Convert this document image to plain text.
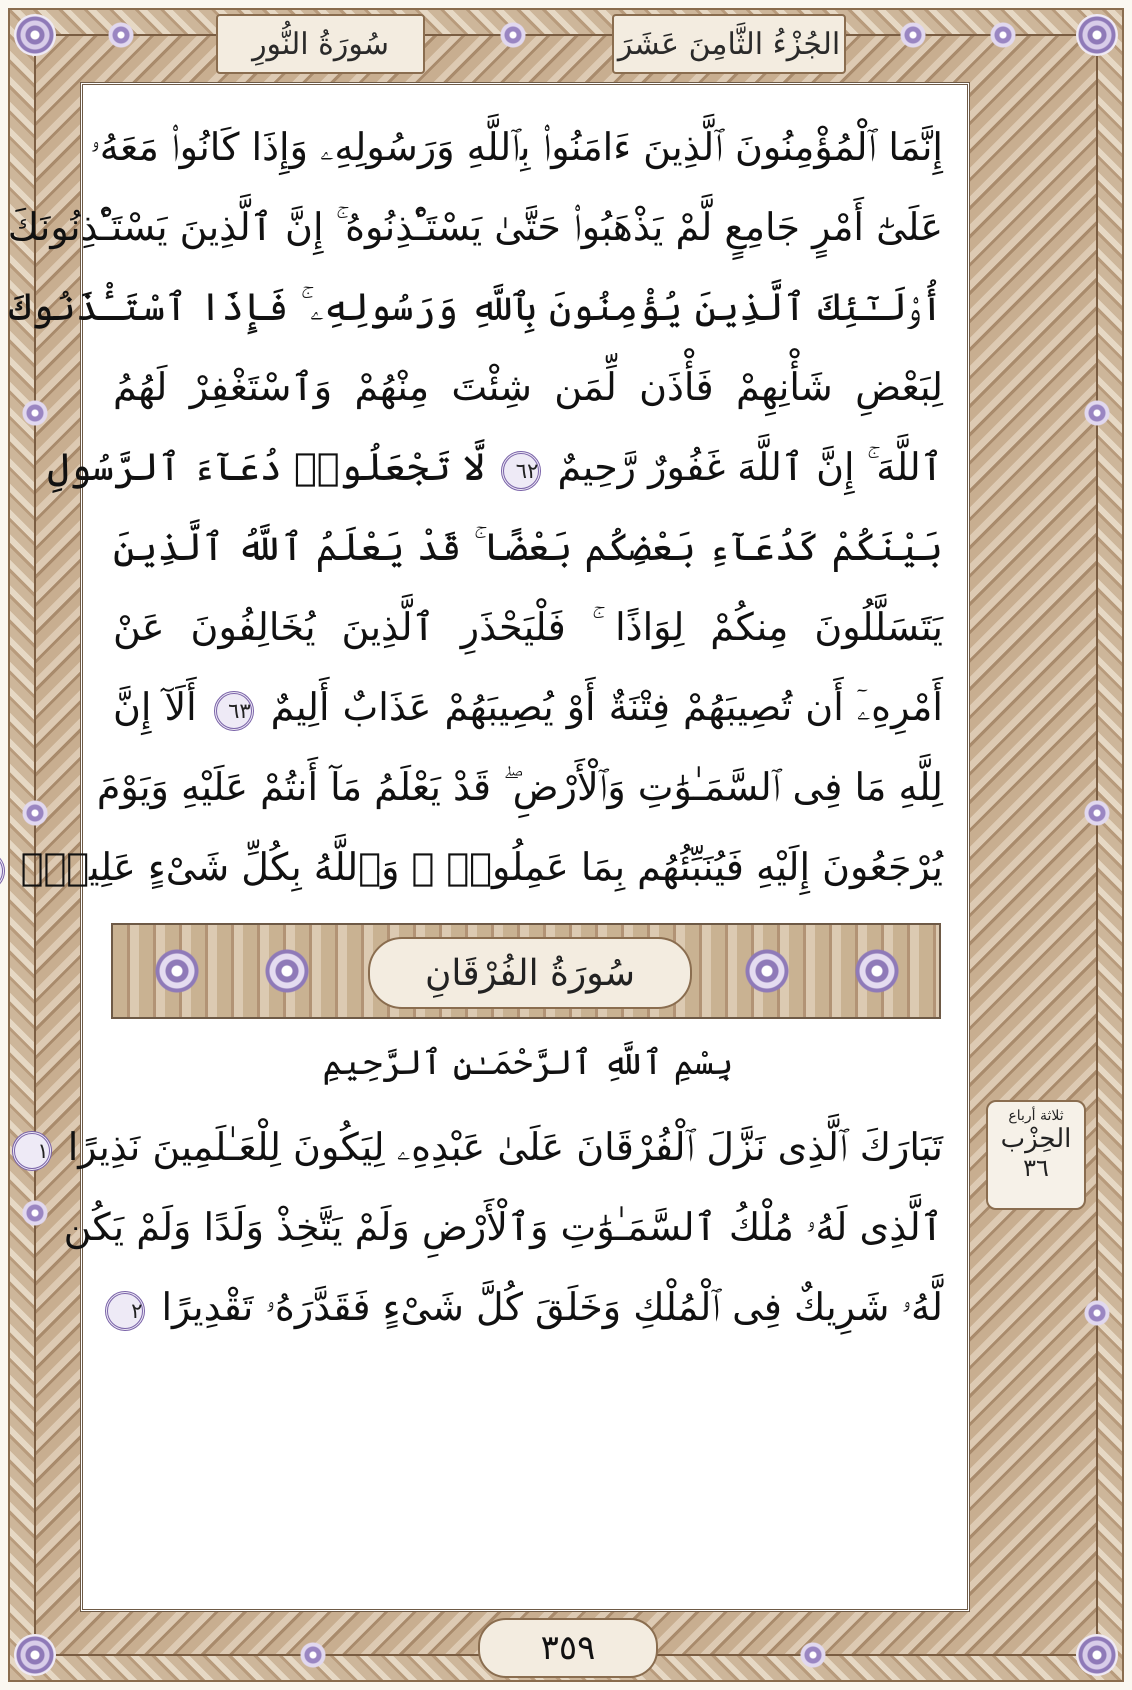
سُورَةُ النُّورِ	الجُزْءُ الثَّامِنَ عَشَرَ
إِنَّمَا ٱلْمُؤْمِنُونَ ٱلَّذِينَ ءَامَنُوا۟ بِٱللَّهِ وَرَسُولِهِۦ وَإِذَا كَانُوا۟ مَعَهُۥ
عَلَىٰٓ أَمْرٍ جَامِعٍ لَّمْ يَذْهَبُوا۟ حَتَّىٰ يَسْتَـْٔذِنُوهُ ۚ إِنَّ ٱلَّذِينَ يَسْتَـْٔذِنُونَكَ
أُو۟لَـٰٓئِكَ ٱلَّذِينَ يُؤْمِنُونَ بِٱللَّهِ وَرَسُولِهِۦ ۚ فَإِذَا ٱسْتَـْٔذَنُوكَ
لِبَعْضِ شَأْنِهِمْ فَأْذَن لِّمَن شِئْتَ مِنْهُمْ وَٱسْتَغْفِرْ لَهُمُ
ٱللَّهَ ۚ إِنَّ ٱللَّهَ غَفُورٌ رَّحِيمٌ ٦٢ لَّا تَجْعَلُوا۟ دُعَآءَ ٱلرَّسُولِ
بَيْنَكُمْ كَدُعَآءِ بَعْضِكُم بَعْضًا ۚ قَدْ يَعْلَمُ ٱللَّهُ ٱلَّذِينَ
يَتَسَلَّلُونَ مِنكُمْ لِوَاذًا ۚ فَلْيَحْذَرِ ٱلَّذِينَ يُخَالِفُونَ عَنْ
أَمْرِهِۦٓ أَن تُصِيبَهُمْ فِتْنَةٌ أَوْ يُصِيبَهُمْ عَذَابٌ أَلِيمٌ ٦٣ أَلَآ إِنَّ
لِلَّهِ مَا فِى ٱلسَّمَـٰوَٰتِ وَٱلْأَرْضِ ۖ قَدْ يَعْلَمُ مَآ أَنتُمْ عَلَيْهِ وَيَوْمَ
يُرْجَعُونَ إِلَيْهِ فَيُنَبِّئُهُم بِمَا عَمِلُوا۟ ۗ وَٱللَّهُ بِكُلِّ شَىْءٍ عَلِيمٌۢ
سُورَةُ الفُرْقَانِ
بِسْمِ ٱللَّهِ ٱلرَّحْمَـٰنِ ٱلرَّحِيمِ
تَبَارَكَ ٱلَّذِى نَزَّلَ ٱلْفُرْقَانَ عَلَىٰ عَبْدِهِۦ لِيَكُونَ لِلْعَـٰلَمِينَ نَذِيرًا ١
ٱلَّذِى لَهُۥ مُلْكُ ٱلسَّمَـٰوَٰتِ وَٱلْأَرْضِ وَلَمْ يَتَّخِذْ وَلَدًا وَلَمْ يَكُن
لَّهُۥ شَرِيكٌ فِى ٱلْمُلْكِ وَخَلَقَ كُلَّ شَىْءٍ فَقَدَّرَهُۥ تَقْدِيرًا ٢
ثلاثة أرباع
الحِزْب
٣٦
٣٥٩
